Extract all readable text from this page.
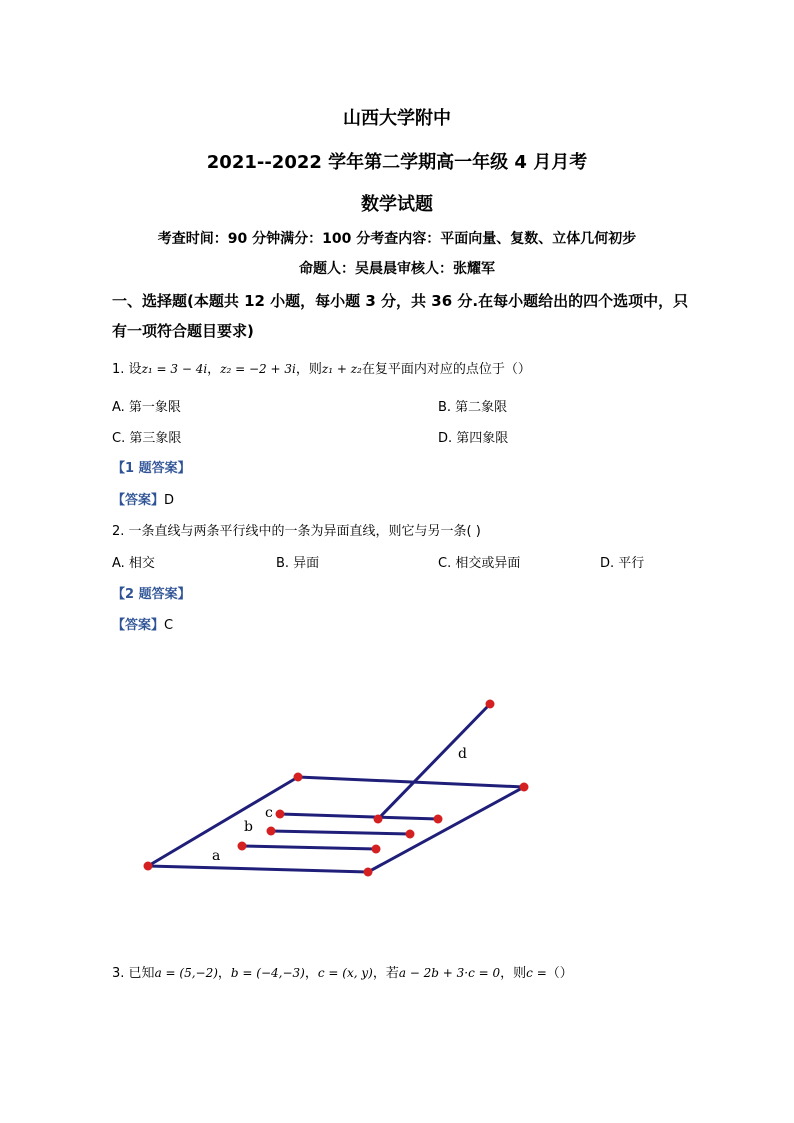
山西大学附中
2021--2022 学年第二学期高一年级 4 月月考
数学试题
考查时间：90 分钟满分：100 分考查内容：平面向量、复数、立体几何初步
命题人：吴晨晨审核人：张耀军
一、选择题(本题共 12 小题，每小题 3 分，共 36 分.在每小题给出的四个选项中，只
有一项符合题目要求)
1. 设z₁ = 3 − 4i，z₂ = −2 + 3i，则z₁ + z₂在复平面内对应的点位于（）
A. 第一象限	B. 第二象限
C. 第三象限	D. 第四象限
【1 题答案】
【答案】D
2. 一条直线与两条平行线中的一条为异面直线，则它与另一条( )
A. 相交	B. 异面	C. 相交或异面	D. 平行
【2 题答案】
【答案】C
c
b
a
d
3. 已知a = (5,−2)，b = (−4,−3)，c = (x, y)，若a − 2b + 3·c = 0，则c =（）
